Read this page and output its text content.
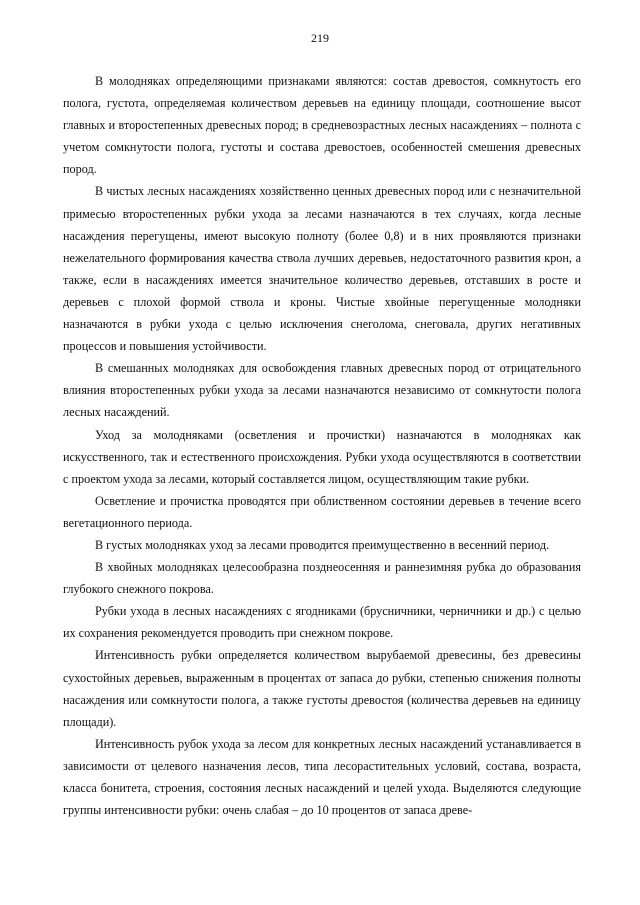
219

В молодняках определяющими признаками являются: состав древостоя, сомкнутость его полога, густота, определяемая количеством деревьев на единицу площади, соотношение высот главных и второстепенных древесных пород; в средневозрастных лесных насаждениях – полнота с учетом сомкнутости полога, густоты и состава древостоев, особенностей смешения древесных пород.

В чистых лесных насаждениях хозяйственно ценных древесных пород или с незначительной примесью второстепенных рубки ухода за лесами назначаются в тех случаях, когда лесные насаждения перегущены, имеют высокую полноту (более 0,8) и в них проявляются признаки нежелательного формирования качества ствола лучших деревьев, недостаточного развития крон, а также, если в насаждениях имеется значительное количество деревьев, отставших в росте и деревьев с плохой формой ствола и кроны. Чистые хвойные перегущенные молодняки назначаются в рубки ухода с целью исключения снеголома, снеговала, других негативных процессов и повышения устойчивости.

В смешанных молодняках для освобождения главных древесных пород от отрицательного влияния второстепенных рубки ухода за лесами назначаются независимо от сомкнутости полога лесных насаждений.

Уход за молодняками (осветления и прочистки) назначаются в молодняках как искусственного, так и естественного происхождения. Рубки ухода осуществляются в соответствии с проектом ухода за лесами, который составляется лицом, осуществляющим такие рубки.

Осветление и прочистка проводятся при облиственном состоянии деревьев в течение всего вегетационного периода.

В густых молодняках уход за лесами проводится преимущественно в весенний период.

В хвойных молодняках целесообразна позднеосенняя и раннезимняя рубка до образования глубокого снежного покрова.

Рубки ухода в лесных насаждениях с ягодниками (брусничники, черничники и др.) с целью их сохранения рекомендуется проводить при снежном покрове.

Интенсивность рубки определяется количеством вырубаемой древесины, без древесины сухостойных деревьев, выраженным в процентах от запаса до рубки, степенью снижения полноты насаждения или сомкнутости полога, а также густоты древостоя (количества деревьев на единицу площади).

Интенсивность рубок ухода за лесом для конкретных лесных насаждений устанавливается в зависимости от целевого назначения лесов, типа лесорастительных условий, состава, возраста, класса бонитета, строения, состояния лесных насаждений и целей ухода. Выделяются следующие группы интенсивности рубки: очень слабая – до 10 процентов от запаса древе-
